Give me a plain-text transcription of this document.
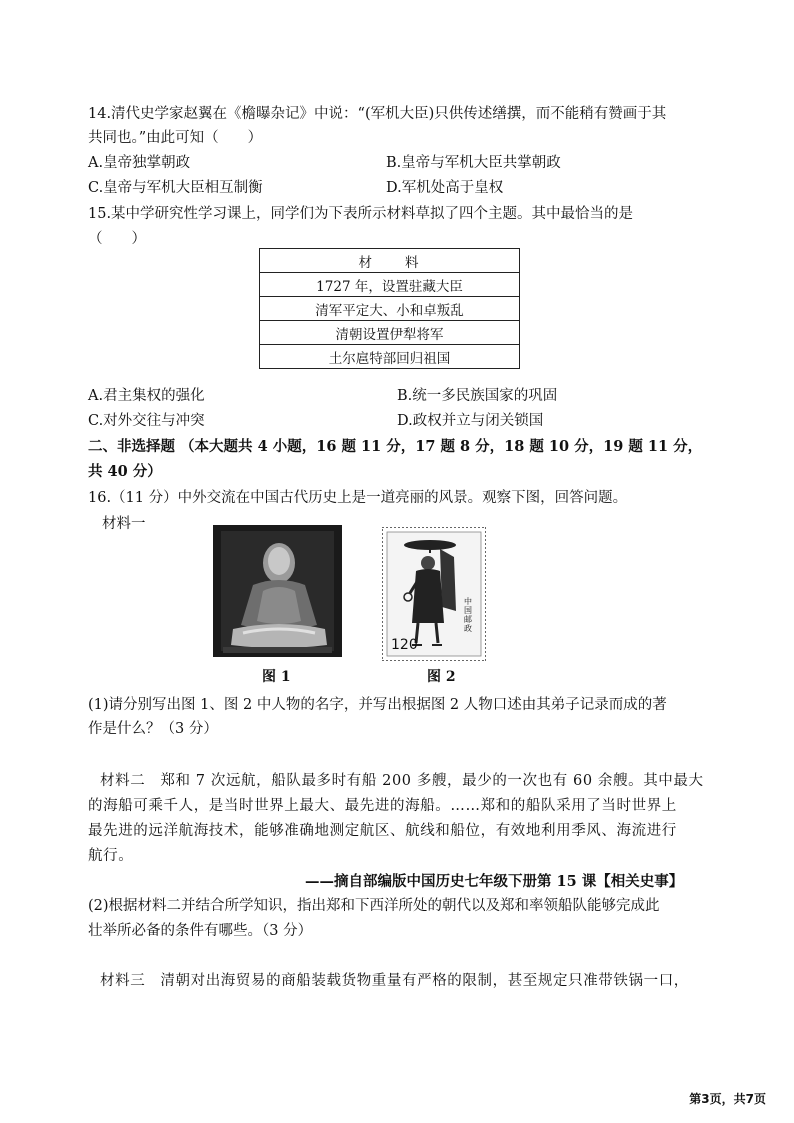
14.清代史学家赵翼在《檐曝杂记》中说：“(军机大臣)只供传述缮撰，而不能稍有赞画于其
共同也。”由此可知（　　）
A.皇帝独掌朝政	B.皇帝与军机大臣共掌朝政
C.皇帝与军机大臣相互制衡	D.军机处高于皇权
15.某中学研究性学习课上，同学们为下表所示材料草拟了四个主题。其中最恰当的是
（　　）
材　　料
1727 年，设置驻藏大臣
清军平定大、小和卓叛乱
清朝设置伊犁将军
土尔扈特部回归祖国
A.君主集权的强化	B.统一多民族国家的巩固
C.对外交往与冲突	D.政权并立与闭关锁国
二、非选择题 （本大题共 4 小题，16 题 11 分，17 题 8 分，18 题 10 分，19 题 11 分，
共 40 分）
16.（11 分）中外交流在中国古代历史上是一道亮丽的风景。观察下图，回答问题。
材料一
图 1
120
中国邮政
图 2
(1)请分别写出图 1、图 2 中人物的名字，并写出根据图 2 人物口述由其弟子记录而成的著
作是什么？（3 分）
材料二　郑和 7 次远航，船队最多时有船 200 多艘，最少的一次也有 60 余艘。其中最大
的海船可乘千人，是当时世界上最大、最先进的海船。……郑和的船队采用了当时世界上
最先进的远洋航海技术，能够准确地测定航区、航线和船位，有效地利用季风、海流进行
航行。
——摘自部编版中国历史七年级下册第 15 课【相关史事】
(2)根据材料二并结合所学知识，指出郑和下西洋所处的朝代以及郑和率领船队能够完成此
壮举所必备的条件有哪些。（3 分）
材料三　清朝对出海贸易的商船装载货物重量有严格的限制，甚至规定只准带铁锅一口，
第3页，共7页
